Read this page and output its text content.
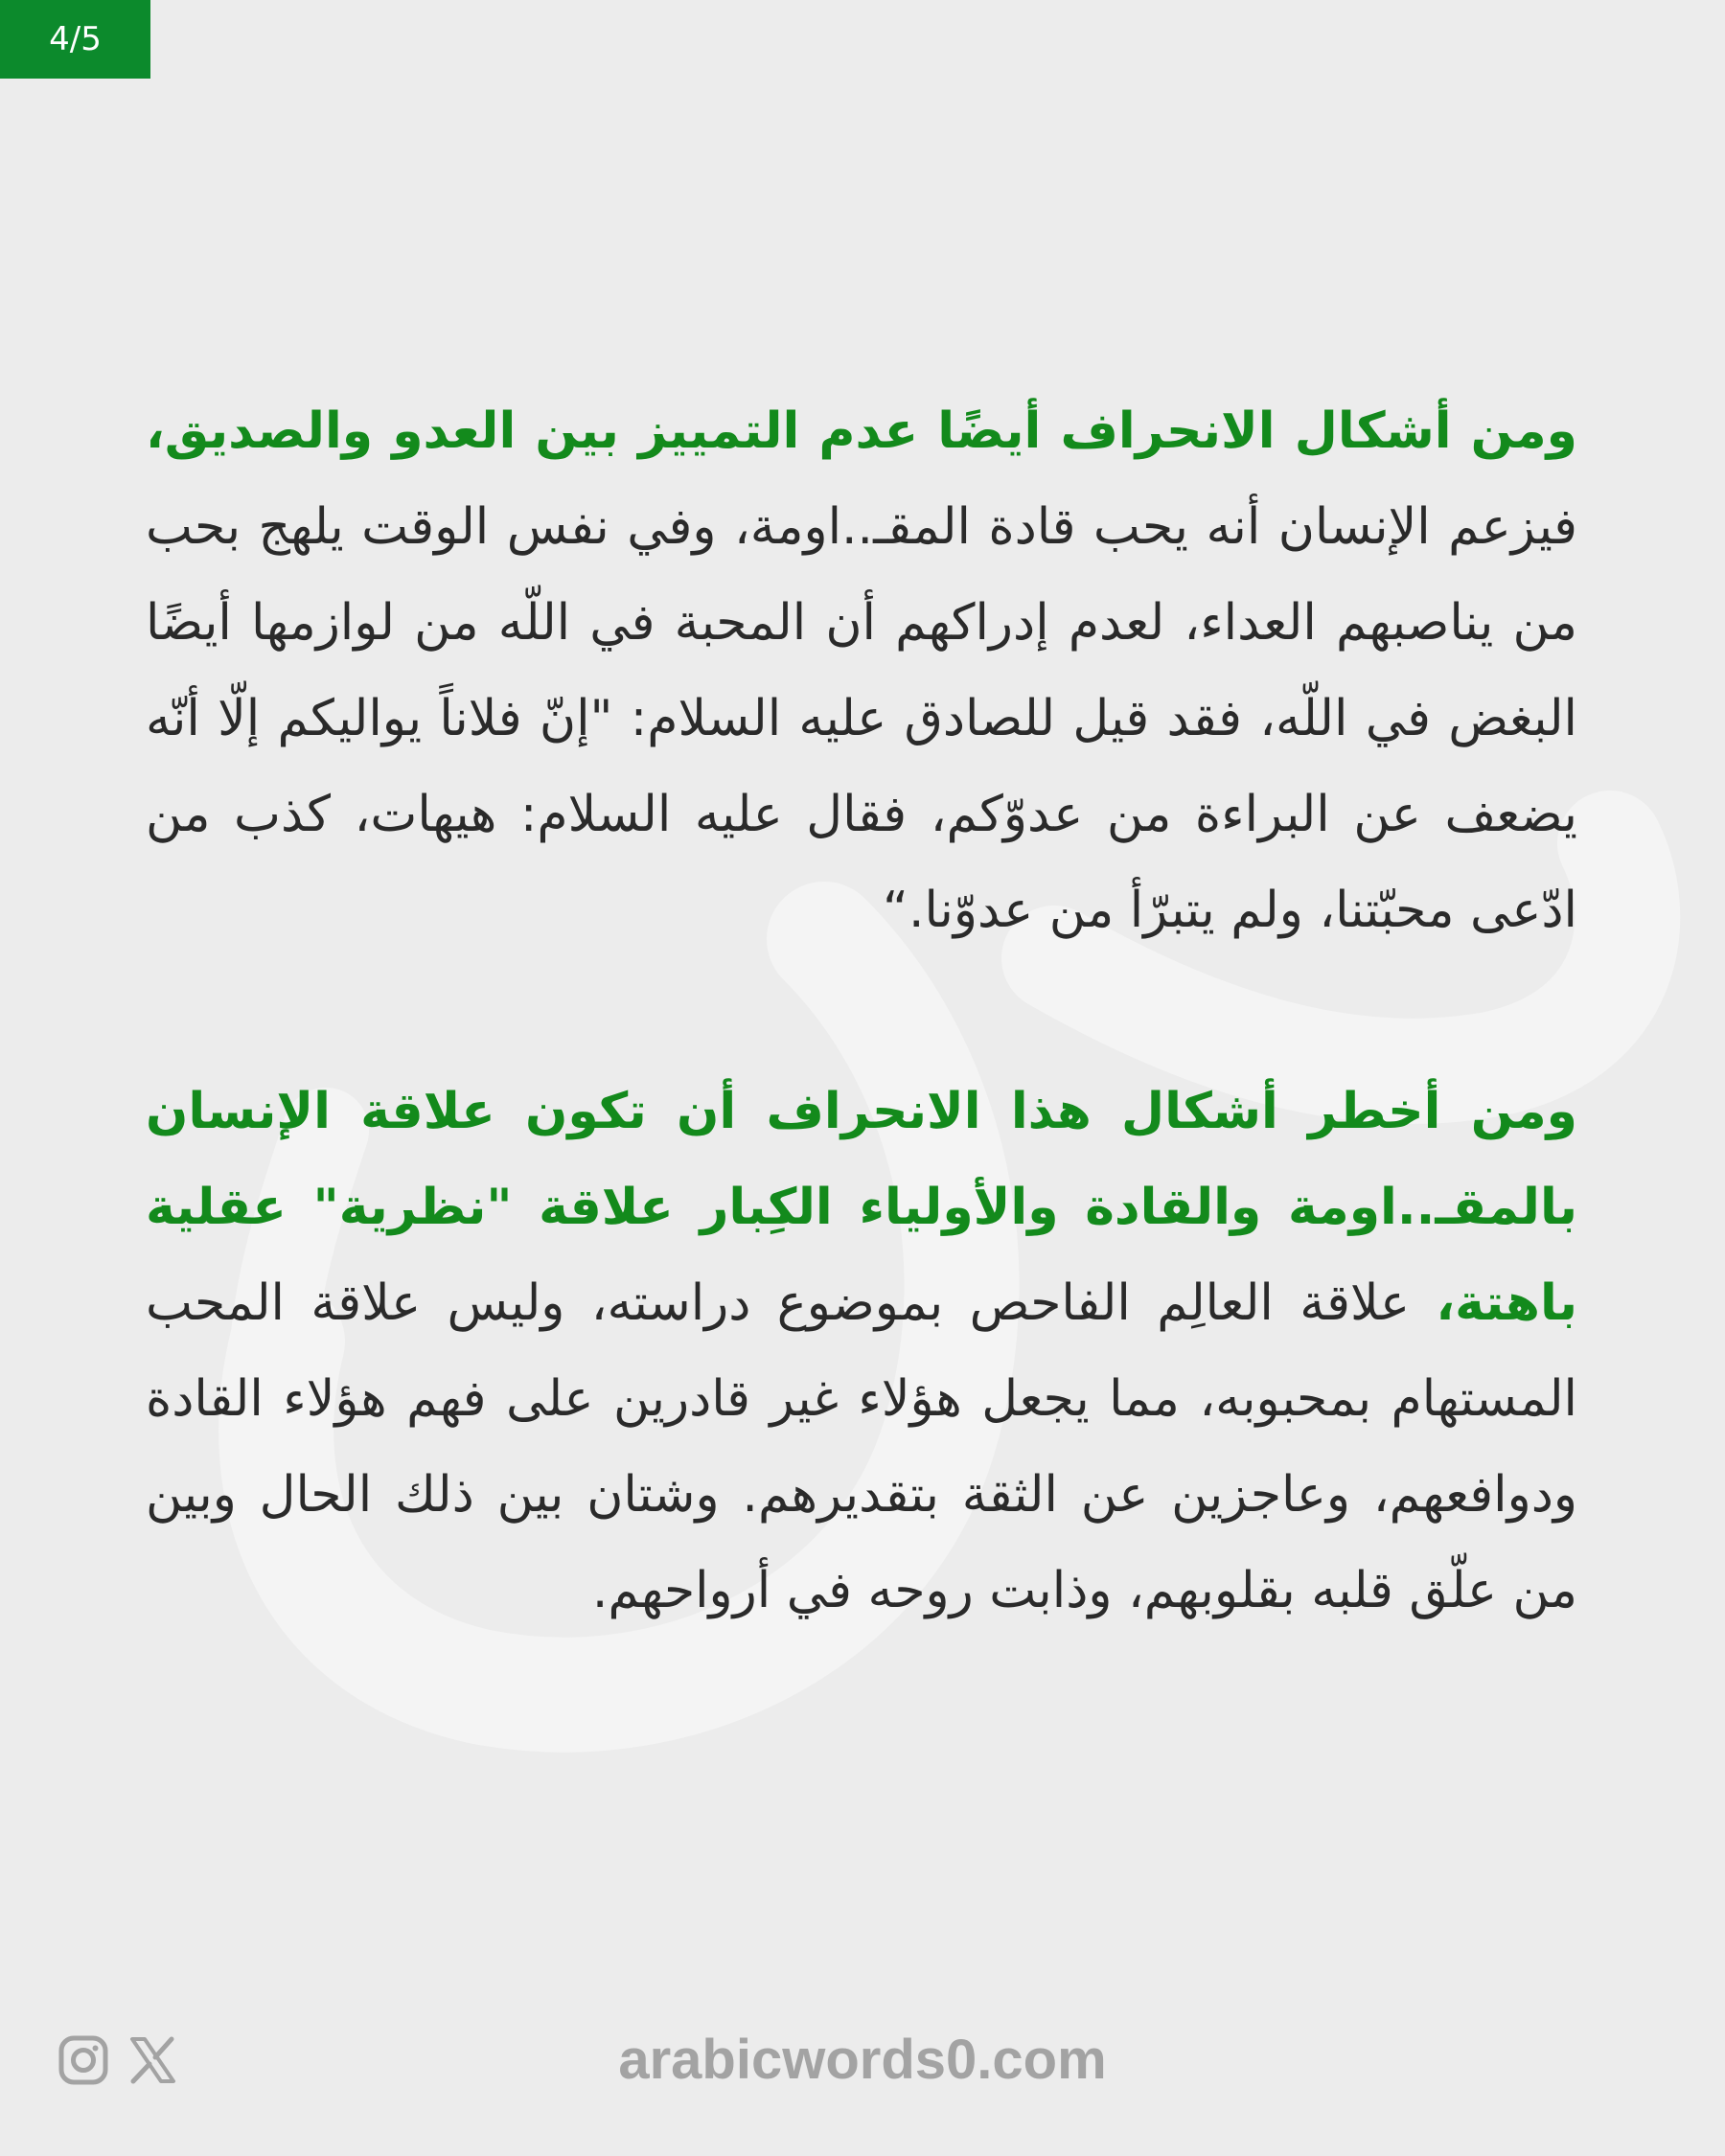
4/5

ومن أشكال الانحراف أيضًا عدم التمييز بين العدو والصديق، فيزعم الإنسان أنه يحب قادة المقـ..اومة، وفي نفس الوقت يلهج بحب من يناصبهم العداء، لعدم إدراكهم أن المحبة في اللّه من لوازمها أيضًا البغض في اللّه، فقد قيل للصادق عليه السلام: "إنّ فلاناً يواليكم إلّا أنّه يضعف عن البراءة من عدوّكم، فقال عليه السلام: هيهات، كذب من ادّعى محبّتنا، ولم يتبرّأ من عدوّنا.“

ومن أخطر أشكال هذا الانحراف أن تكون علاقة الإنسان بالمقـ..اومة والقادة والأولياء الكِبار علاقة "نظرية" عقلية باهتة، علاقة العالِم الفاحص بموضوع دراسته، وليس علاقة المحب المستهام بمحبوبه، مما يجعل هؤلاء غير قادرين على فهم هؤلاء القادة ودوافعهم، وعاجزين عن الثقة بتقديرهم. وشتان بين ذلك الحال وبين من علّق قلبه بقلوبهم، وذابت روحه في أرواحهم.

arabicwords0.com
